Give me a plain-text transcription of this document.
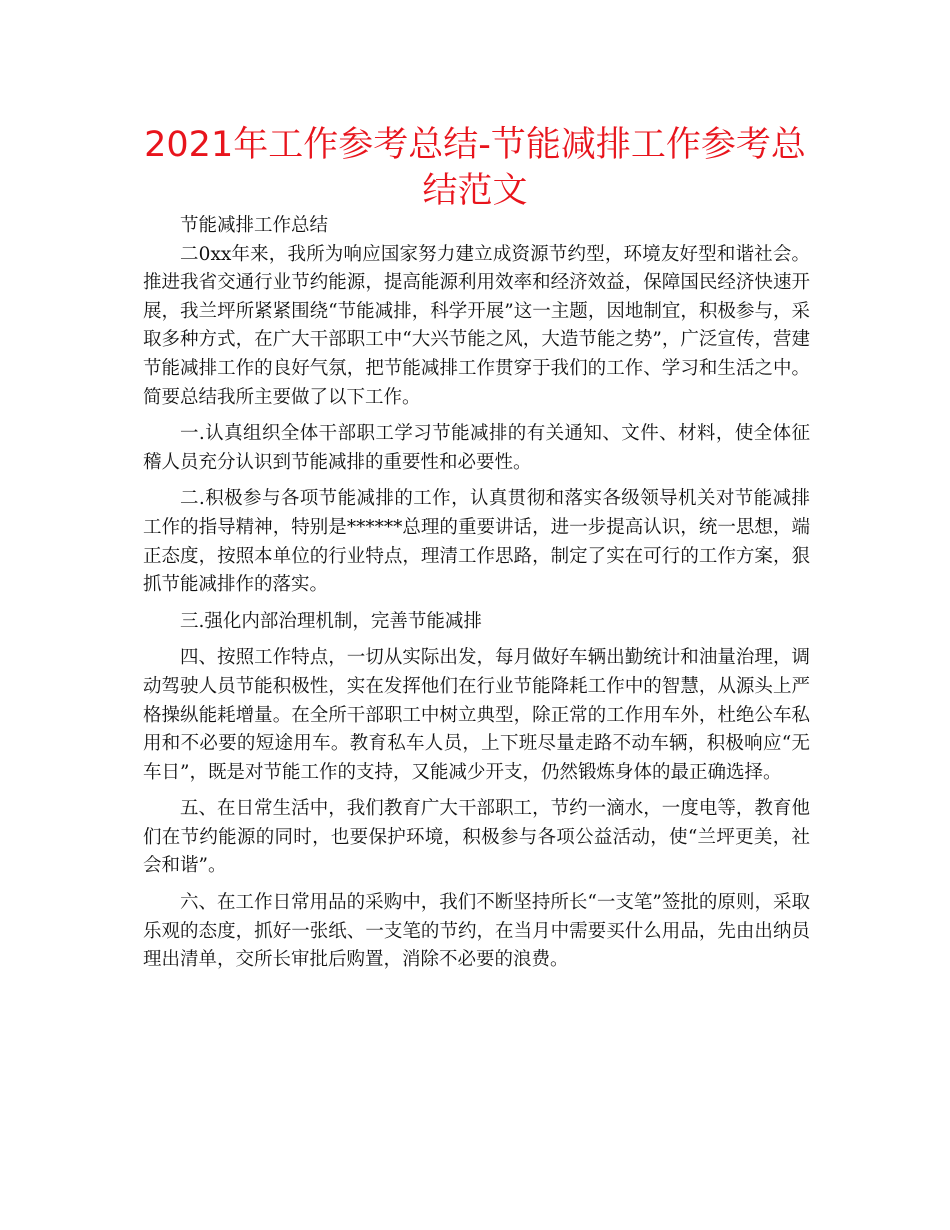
2021年工作参考总结-节能减排工作参考总结范文

节能减排工作总结

二0xx年来，我所为响应国家努力建立成资源节约型，环境友好型和谐社会。推进我省交通行业节约能源，提高能源利用效率和经济效益，保障国民经济快速开展，我兰坪所紧紧围绕“节能减排，科学开展”这一主题，因地制宜，积极参与，采取多种方式，在广大干部职工中“大兴节能之风，大造节能之势”，广泛宣传，营建节能减排工作的良好气氛，把节能减排工作贯穿于我们的工作、学习和生活之中。简要总结我所主要做了以下工作。

一.认真组织全体干部职工学习节能减排的有关通知、文件、材料，使全体征稽人员充分认识到节能减排的重要性和必要性。

二.积极参与各项节能减排的工作，认真贯彻和落实各级领导机关对节能减排工作的指导精神，特别是******总理的重要讲话，进一步提高认识，统一思想，端正态度，按照本单位的行业特点，理清工作思路，制定了实在可行的工作方案，狠抓节能减排作的落实。

三.强化内部治理机制，完善节能减排

四、按照工作特点，一切从实际出发，每月做好车辆出勤统计和油量治理，调动驾驶人员节能积极性，实在发挥他们在行业节能降耗工作中的智慧，从源头上严格操纵能耗增量。在全所干部职工中树立典型，除正常的工作用车外，杜绝公车私用和不必要的短途用车。教育私车人员，上下班尽量走路不动车辆，积极响应“无车日”，既是对节能工作的支持，又能减少开支，仍然锻炼身体的最正确选择。

五、在日常生活中，我们教育广大干部职工，节约一滴水，一度电等，教育他们在节约能源的同时，也要保护环境，积极参与各项公益活动，使“兰坪更美，社会和谐”。

六、在工作日常用品的采购中，我们不断坚持所长“一支笔”签批的原则，采取乐观的态度，抓好一张纸、一支笔的节约，在当月中需要买什么用品，先由出纳员理出清单，交所长审批后购置，消除不必要的浪费。
